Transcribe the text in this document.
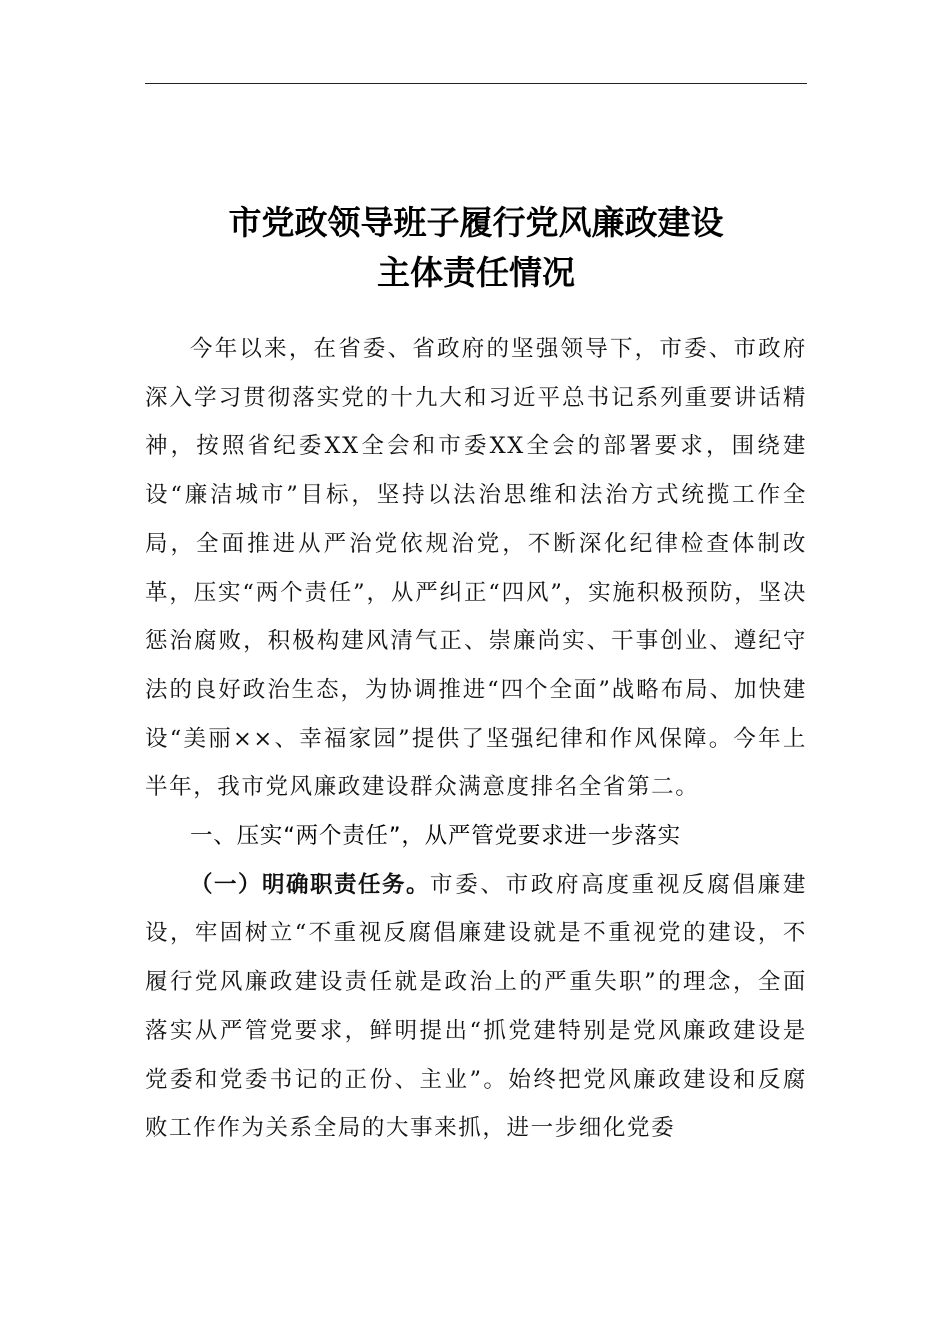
市党政领导班子履行党风廉政建设
主体责任情况

今年以来，在省委、省政府的坚强领导下，市委、市政府深入学习贯彻落实党的十九大和习近平总书记系列重要讲话精神，按照省纪委XX全会和市委XX全会的部署要求，围绕建设“廉洁城市”目标，坚持以法治思维和法治方式统揽工作全局，全面推进从严治党依规治党，不断深化纪律检查体制改革，压实“两个责任”，从严纠正“四风”，实施积极预防，坚决惩治腐败，积极构建风清气正、崇廉尚实、干事创业、遵纪守法的良好政治生态，为协调推进“四个全面”战略布局、加快建设“美丽××、幸福家园”提供了坚强纪律和作风保障。今年上半年，我市党风廉政建设群众满意度排名全省第二。

一、压实“两个责任”，从严管党要求进一步落实

（一）明确职责任务。市委、市政府高度重视反腐倡廉建设，牢固树立“不重视反腐倡廉建设就是不重视党的建设，不履行党风廉政建设责任就是政治上的严重失职”的理念，全面落实从严管党要求，鲜明提出“抓党建特别是党风廉政建设是党委和党委书记的正份、主业”。始终把党风廉政建设和反腐败工作作为关系全局的大事来抓，进一步细化党委
